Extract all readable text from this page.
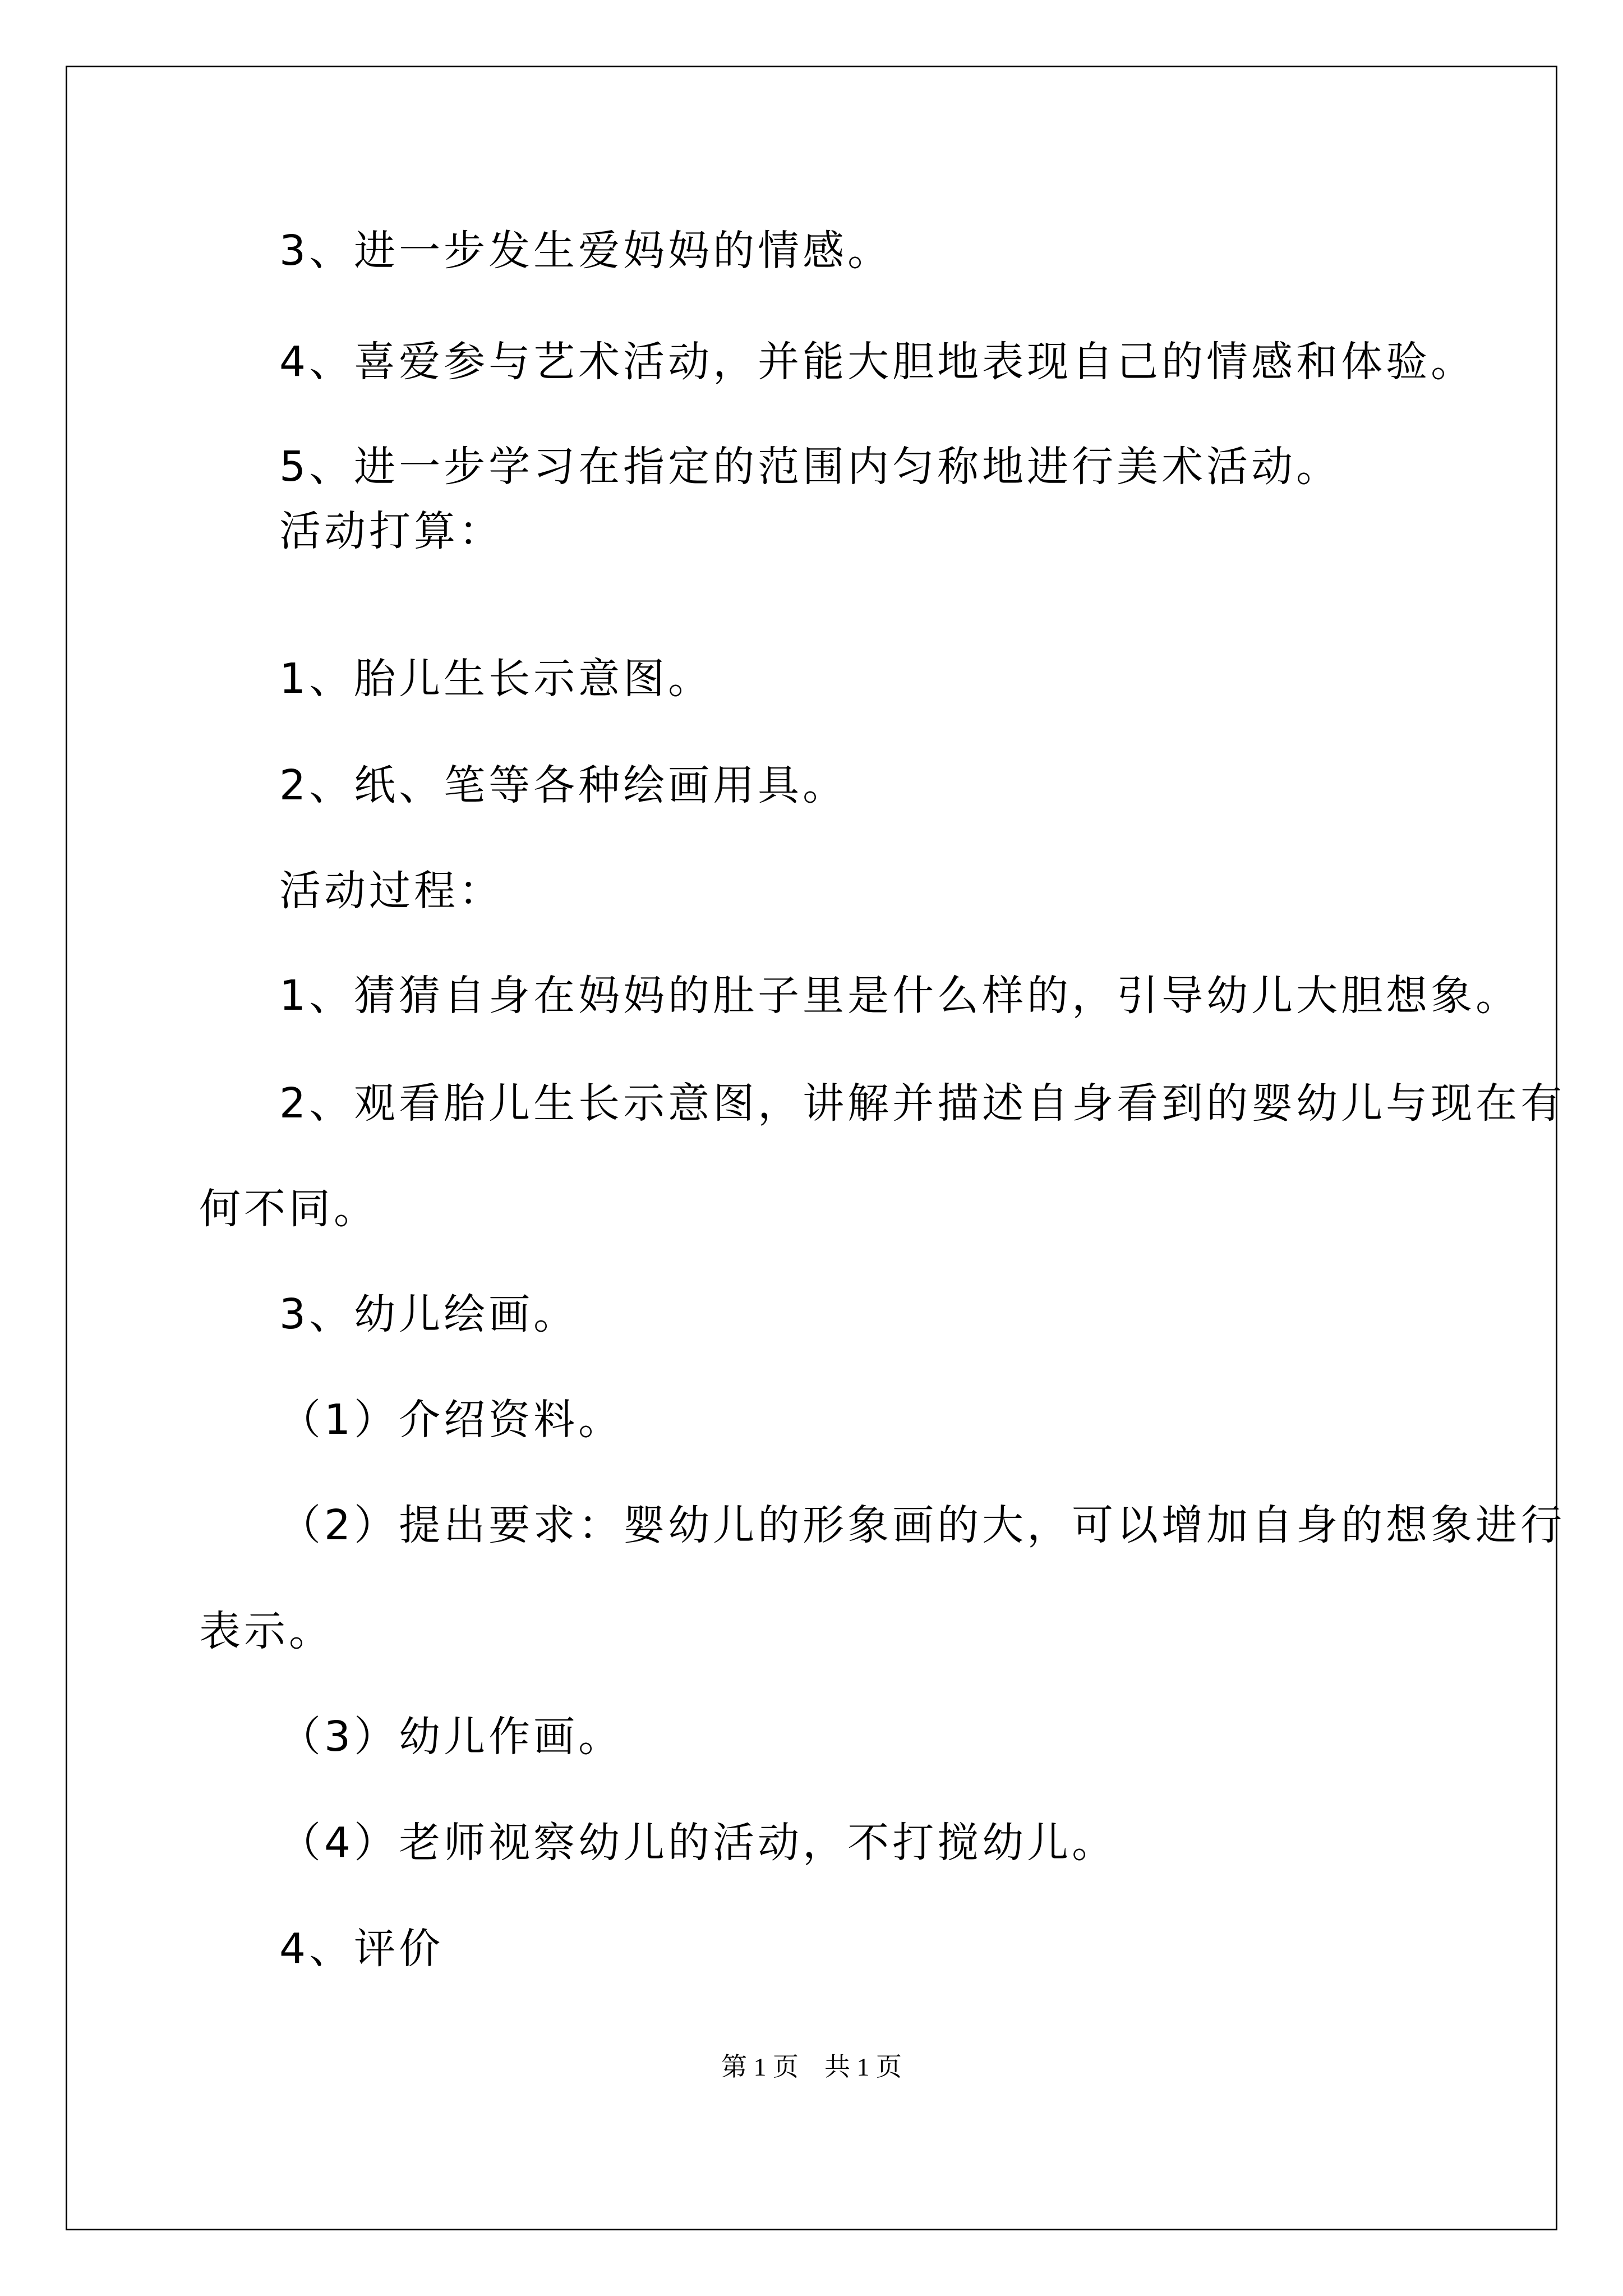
3、进一步发生爱妈妈的情感。
4、喜爱参与艺术活动，并能大胆地表现自己的情感和体验。
5、进一步学习在指定的范围内匀称地进行美术活动。
活动打算：
1、胎儿生长示意图。
2、纸、笔等各种绘画用具。
活动过程：
1、猜猜自身在妈妈的肚子里是什么样的，引导幼儿大胆想象。
2、观看胎儿生长示意图，讲解并描述自身看到的婴幼儿与现在有
何不同。
3、幼儿绘画。
（1）介绍资料。
（2）提出要求：婴幼儿的形象画的大，可以增加自身的想象进行
表示。
（3）幼儿作画。
（4）老师视察幼儿的活动，不打搅幼儿。
4、评价
第 1 页　共 1 页
